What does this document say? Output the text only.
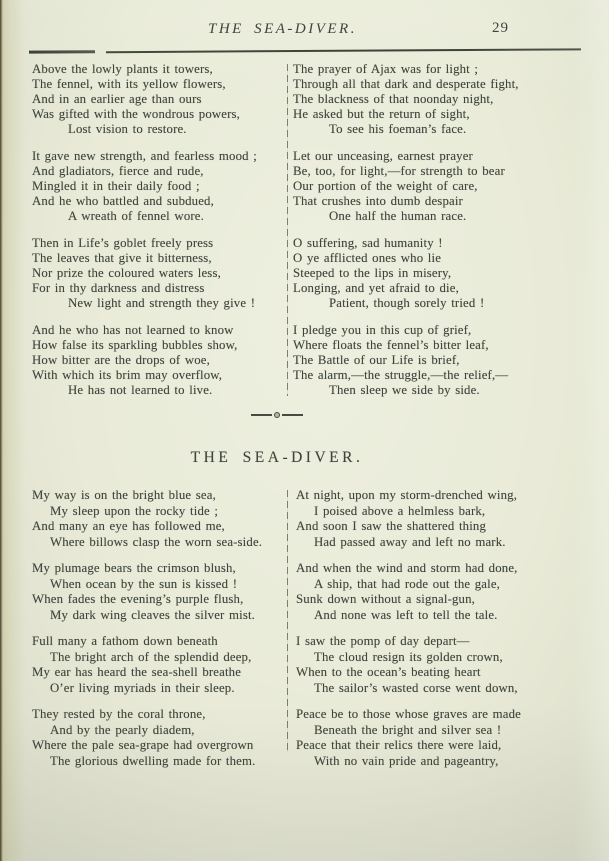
THE SEA-DIVER.	29
Above the lowly plants it towers,
The fennel, with its yellow flowers,
And in an earlier age than ours
Was gifted with the wondrous powers,
Lost vision to restore.
It gave new strength, and fearless mood ;
And gladiators, fierce and rude,
Mingled it in their daily food ;
And he who battled and subdued,
A wreath of fennel wore.
Then in Life’s goblet freely press
The leaves that give it bitterness,
Nor prize the coloured waters less,
For in thy darkness and distress
New light and strength they give !
And he who has not learned to know
How false its sparkling bubbles show,
How bitter are the drops of woe,
With which its brim may overflow,
He has not learned to live.
The prayer of Ajax was for light ;
Through all that dark and desperate fight,
The blackness of that noonday night,
He asked but the return of sight,
To see his foeman’s face.
Let our unceasing, earnest prayer
Be, too, for light,—for strength to bear
Our portion of the weight of care,
That crushes into dumb despair
One half the human race.
O suffering, sad humanity !
O ye afflicted ones who lie
Steeped to the lips in misery,
Longing, and yet afraid to die,
Patient, though sorely tried !
I pledge you in this cup of grief,
Where floats the fennel’s bitter leaf,
The Battle of our Life is brief,
The alarm,—the struggle,—the relief,—
Then sleep we side by side.
THE SEA-DIVER.
My way is on the bright blue sea,
My sleep upon the rocky tide ;
And many an eye has followed me,
Where billows clasp the worn sea-side.
My plumage bears the crimson blush,
When ocean by the sun is kissed !
When fades the evening’s purple flush,
My dark wing cleaves the silver mist.
Full many a fathom down beneath
The bright arch of the splendid deep,
My ear has heard the sea-shell breathe
O’er living myriads in their sleep.
They rested by the coral throne,
And by the pearly diadem,
Where the pale sea-grape had overgrown
The glorious dwelling made for them.
At night, upon my storm-drenched wing,
I poised above a helmless bark,
And soon I saw the shattered thing
Had passed away and left no mark.
And when the wind and storm had done,
A ship, that had rode out the gale,
Sunk down without a signal-gun,
And none was left to tell the tale.
I saw the pomp of day depart—
The cloud resign its golden crown,
When to the ocean’s beating heart
The sailor’s wasted corse went down,
Peace be to those whose graves are made
Beneath the bright and silver sea !
Peace that their relics there were laid,
With no vain pride and pageantry,
